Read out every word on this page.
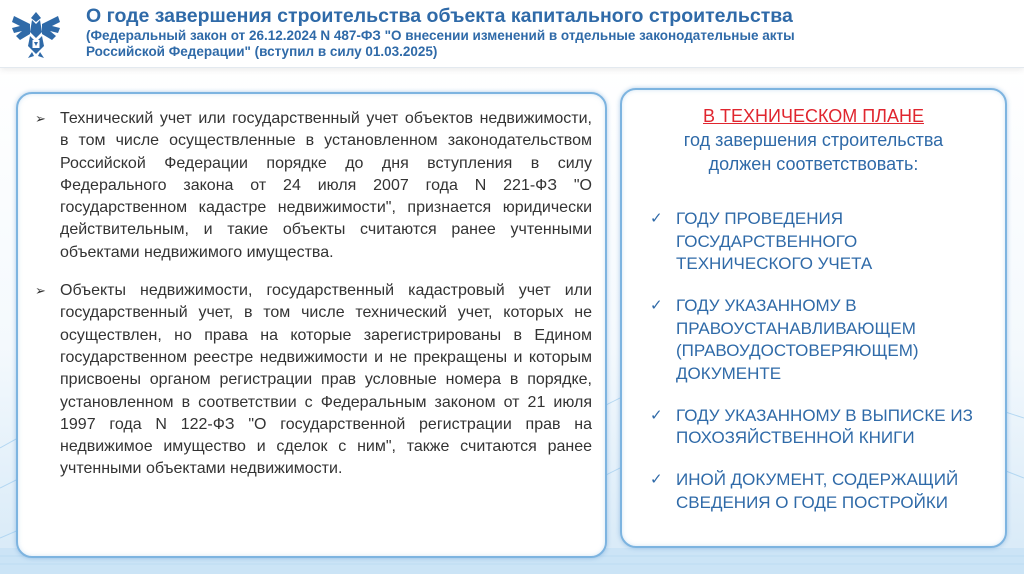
О годе завершения строительства объекта капитального строительства
(Федеральный закон от 26.12.2024 N 487-ФЗ "О внесении изменений в отдельные законодательные акты
Российской Федерации" (вступил в силу 01.03.2025)
➢ Технический учет или государственный учет объектов недвижимости, в том числе осуществленные в установленном законодательством Российской Федерации порядке до дня вступления в силу Федерального закона от 24 июля 2007 года N 221-ФЗ "О государственном кадастре недвижимости", признается юридически действительным, и такие объекты считаются ранее учтенными объектами недвижимого имущества.
➢ Объекты недвижимости, государственный кадастровый учет или государственный учет, в том числе технический учет, которых не осуществлен, но права на которые зарегистрированы в Едином государственном реестре недвижимости и не прекращены и которым присвоены органом регистрации прав условные номера в порядке, установленном в соответствии с Федеральным законом от 21 июля 1997 года N 122-ФЗ "О государственной регистрации прав на недвижимое имущество и сделок с ним", также считаются ранее учтенными объектами недвижимости.
В ТЕХНИЧЕСКОМ ПЛАНЕ
год завершения строительства
должен соответствовать:
✓ ГОДУ ПРОВЕДЕНИЯ ГОСУДАРСТВЕННОГО ТЕХНИЧЕСКОГО УЧЕТА
✓ ГОДУ УКАЗАННОМУ В ПРАВОУСТАНАВЛИВАЮЩЕМ (ПРАВОУДОСТОВЕРЯЮЩЕМ) ДОКУМЕНТЕ
✓ ГОДУ УКАЗАННОМУ В ВЫПИСКЕ ИЗ ПОХОЗЯЙСТВЕННОЙ КНИГИ
✓ ИНОЙ ДОКУМЕНТ, СОДЕРЖАЩИЙ СВЕДЕНИЯ О ГОДЕ ПОСТРОЙКИ
